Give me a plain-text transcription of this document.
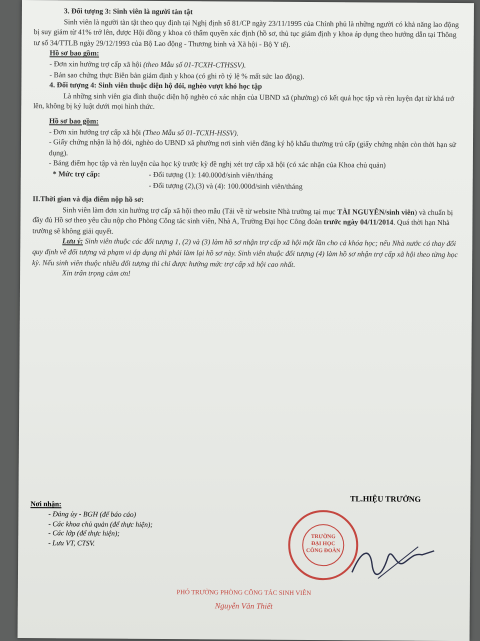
3. Đối tượng 3: Sinh viên là người tàn tật

Sinh viên là người tàn tật theo quy định tại Nghị định số 81/CP ngày 23/11/1995 của Chính phủ là những người có khả năng lao động bị suy giảm từ 41% trở lên, được Hội đồng y khoa có thẩm quyền xác định (hồ sơ, thủ tục giám định y khoa áp dụng theo hướng dẫn tại Thông tư số 34/TTLB ngày 29/12/1993 của Bộ Lao động - Thương binh và Xã hội - Bộ Y tế).

Hồ sơ bao gồm:

- Đơn xin hưởng trợ cấp xã hội (theo Mẫu số 01-TCXH-CTHSSV).

- Bản sao chứng thực Biên bản giám định y khoa (có ghi rõ tỷ lệ % mất sức lao động).

4. Đối tượng 4: Sinh viên thuộc diện hộ đói, nghèo vượt khó học tập

Là những sinh viên gia đình thuộc diện hộ nghèo có xác nhận của UBND xã (phường) có kết quả học tập và rèn luyện đạt từ khá trở lên, không bị kỷ luật dưới mọi hình thức.

Hồ sơ bao gồm:

- Đơn xin hưởng trợ cấp xã hội (Theo Mẫu số 01-TCXH-HSSV).

- Giấy chứng nhận là hộ đói, nghèo do UBND xã phường nơi sinh viên đăng ký hộ khẩu thường trú cấp (giấy chứng nhận còn thời hạn sử dụng).

- Bảng điểm học tập và rèn luyện của học kỳ trước kỳ đề nghị xét trợ cấp xã hội (có xác nhận của Khoa chủ quản)

* Mức trợ cấp:	- Đối tượng (1): 140.000đ/sinh viên/tháng
- Đối tượng (2),(3) và (4): 100.000đ/sinh viên/tháng

II.Thời gian và địa điểm nộp hồ sơ:

Sinh viên làm đơn xin hưởng trợ cấp xã hội theo mẫu (Tải về từ website Nhà trường tại mục TÀI NGUYÊN/sinh viên) và chuẩn bị đầy đủ Hồ sơ theo yêu cầu nộp cho Phòng Công tác sinh viên, Nhà A, Trường Đại học Công đoàn trước ngày 04/11/2014. Quá thời hạn Nhà trường sẽ không giải quyết.

Lưu ý: Sinh viên thuộc các đối tượng 1, (2) và (3) làm hồ sơ nhận trợ cấp xã hội một lần cho cả khóa học; nếu Nhà nước có thay đổi quy định về đối tượng và phạm vi áp dụng thì phải làm lại hồ sơ này. Sinh viên thuộc đối tượng (4) làm hồ sơ nhận trợ cấp xã hội theo từng học kỳ. Nếu sinh viên thuộc nhiều đối tượng thì chỉ được hưởng mức trợ cấp xã hội cao nhất.

Xin trân trọng cảm ơn!

Nơi nhận:

- Đảng ủy - BGH (để báo cáo)

- Các khoa chủ quản (để thực hiện);

- Các lớp (để thực hiện);

- Lưu VT, CTSV.

TL.HIỆU TRƯỞNG
TRƯỜNG
ĐẠI HỌC
CÔNG ĐOÀN
PHÓ TRƯỞNG PHÒNG CÔNG TÁC SINH VIÊN
Nguyễn Văn Thiết
